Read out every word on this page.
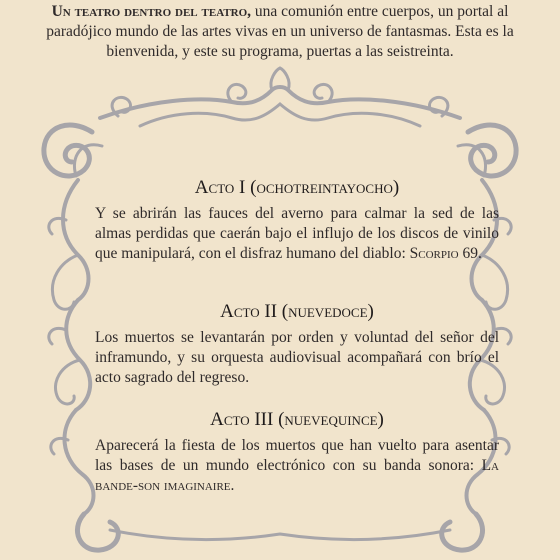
Un teatro dentro del teatro, una comunión entre cuerpos, un portal al paradójico mundo de las artes vivas en un universo de fantasmas. Esta es la bienvenida, y este su programa, puertas a las seistreinta.
Acto I (ochotreintayocho)

Y se abrirán las fauces del averno para calmar la sed de las almas perdidas que caerán bajo el influjo de los discos de vinilo que manipulará, con el disfraz humano del diablo: Scorpio 69.

Acto II (nuevedoce)

Los muertos se levantarán por orden y voluntad del señor del inframundo, y su orquesta audiovisual acompañará con brío el acto sagrado del regreso.

Acto III (nuevequince)

Aparecerá la fiesta de los muertos que han vuelto para asentar las bases de un mundo electrónico con su banda sonora: La bande-son imaginaire.
